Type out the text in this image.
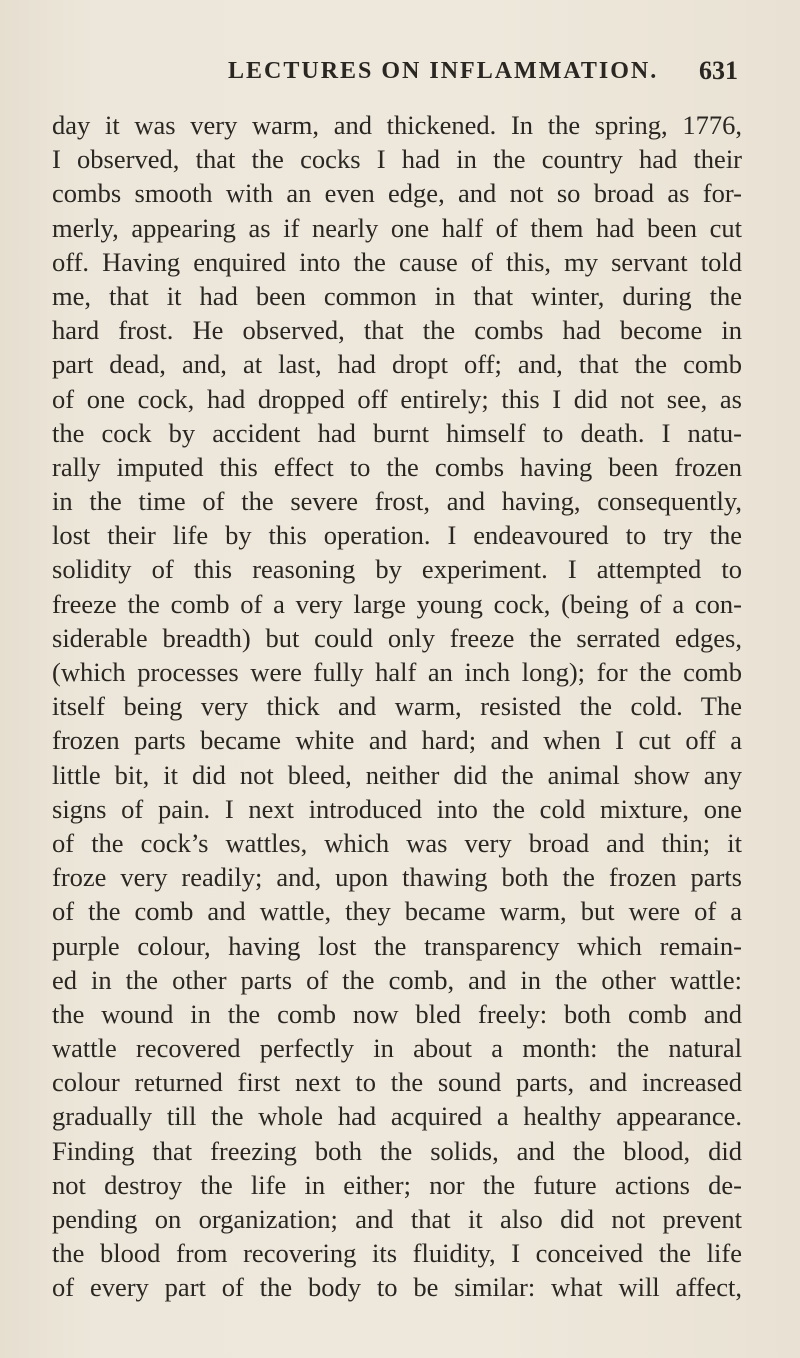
LECTURES ON INFLAMMATION. 631
day it was very warm, and thickened. In the spring, 1776,
I observed, that the cocks I had in the country had their
combs smooth with an even edge, and not so broad as for-
merly, appearing as if nearly one half of them had been cut
off. Having enquired into the cause of this, my servant told
me, that it had been common in that winter, during the
hard frost. He observed, that the combs had become in
part dead, and, at last, had dropt off; and, that the comb
of one cock, had dropped off entirely; this I did not see, as
the cock by accident had burnt himself to death. I natu-
rally imputed this effect to the combs having been frozen
in the time of the severe frost, and having, consequently,
lost their life by this operation. I endeavoured to try the
solidity of this reasoning by experiment. I attempted to
freeze the comb of a very large young cock, (being of a con-
siderable breadth) but could only freeze the serrated edges,
(which processes were fully half an inch long); for the comb
itself being very thick and warm, resisted the cold. The
frozen parts became white and hard; and when I cut off a
little bit, it did not bleed, neither did the animal show any
signs of pain. I next introduced into the cold mixture, one
of the cock’s wattles, which was very broad and thin; it
froze very readily; and, upon thawing both the frozen parts
of the comb and wattle, they became warm, but were of a
purple colour, having lost the transparency which remain-
ed in the other parts of the comb, and in the other wattle:
the wound in the comb now bled freely: both comb and
wattle recovered perfectly in about a month: the natural
colour returned first next to the sound parts, and increased
gradually till the whole had acquired a healthy appearance.
Finding that freezing both the solids, and the blood, did
not destroy the life in either; nor the future actions de-
pending on organization; and that it also did not prevent
the blood from recovering its fluidity, I conceived the life
of every part of the body to be similar: what will affect,
